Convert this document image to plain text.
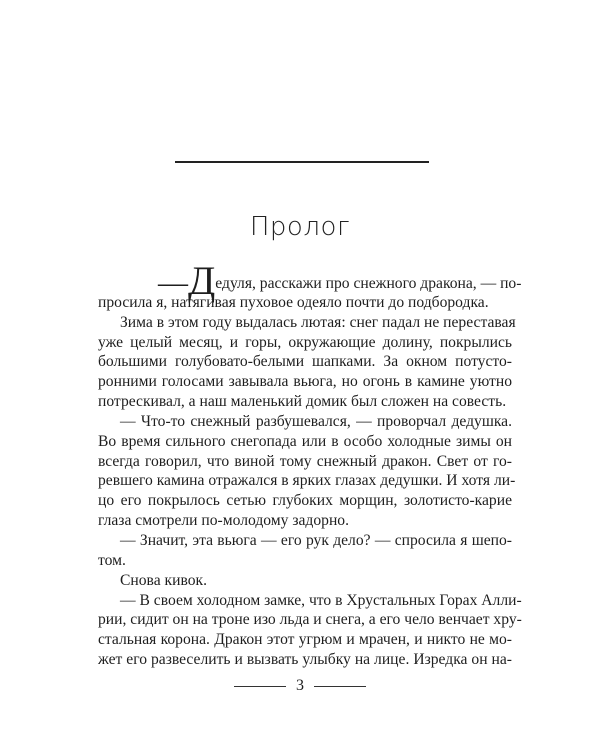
Пролог
—Дедуля, расскажи про снежного дракона, — по-
просила я, натягивая пуховое одеяло почти до подбородка.
Зима в этом году выдалась лютая: снег падал не переставая
уже целый месяц, и горы, окружающие долину, покрылись
большими голубовато-белыми шапками. За окном потусто-
ронними голосами завывала вьюга, но огонь в камине уютно
потрескивал, а наш маленький домик был сложен на совесть.
— Что-то снежный разбушевался, — проворчал дедушка.
Во время сильного снегопада или в особо холодные зимы он
всегда говорил, что виной тому снежный дракон. Свет от го-
ревшего камина отражался в ярких глазах дедушки. И хотя ли-
цо его покрылось сетью глубоких морщин, золотисто-карие
глаза смотрели по-молодому задорно.
— Значит, эта вьюга — его рук дело? — спросила я шепо-
том.
Снова кивок.
— В своем холодном замке, что в Хрустальных Горах Алли-
рии, сидит он на троне изо льда и снега, а его чело венчает хру-
стальная корона. Дракон этот угрюм и мрачен, и никто не мо-
жет его развеселить и вызвать улыбку на лице. Изредка он на-
3
